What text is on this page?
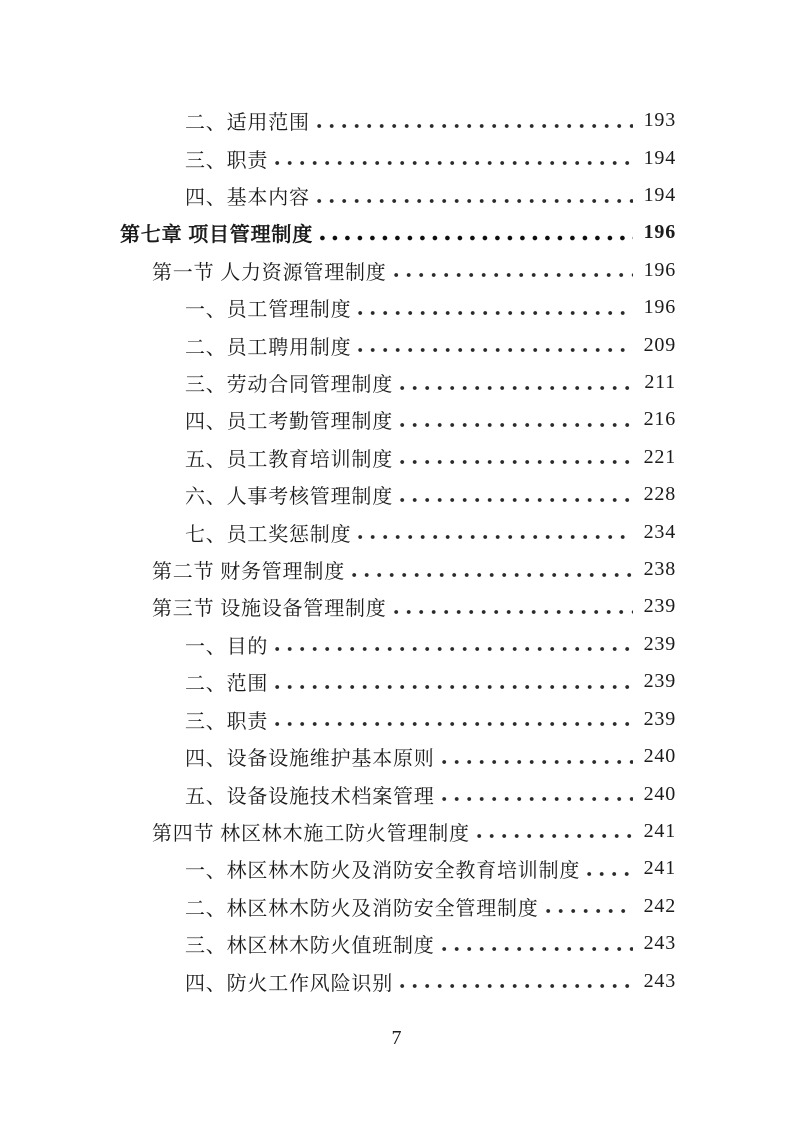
二、适用范围	193
三、职责	194
四、基本内容	194
第七章 项目管理制度	196
第一节 人力资源管理制度	196
一、员工管理制度	196
二、员工聘用制度	209
三、劳动合同管理制度	211
四、员工考勤管理制度	216
五、员工教育培训制度	221
六、人事考核管理制度	228
七、员工奖惩制度	234
第二节 财务管理制度	238
第三节 设施设备管理制度	239
一、目的	239
二、范围	239
三、职责	239
四、设备设施维护基本原则	240
五、设备设施技术档案管理	240
第四节 林区林木施工防火管理制度	241
一、林区林木防火及消防安全教育培训制度	241
二、林区林木防火及消防安全管理制度	242
三、林区林木防火值班制度	243
四、防火工作风险识别	243
7
